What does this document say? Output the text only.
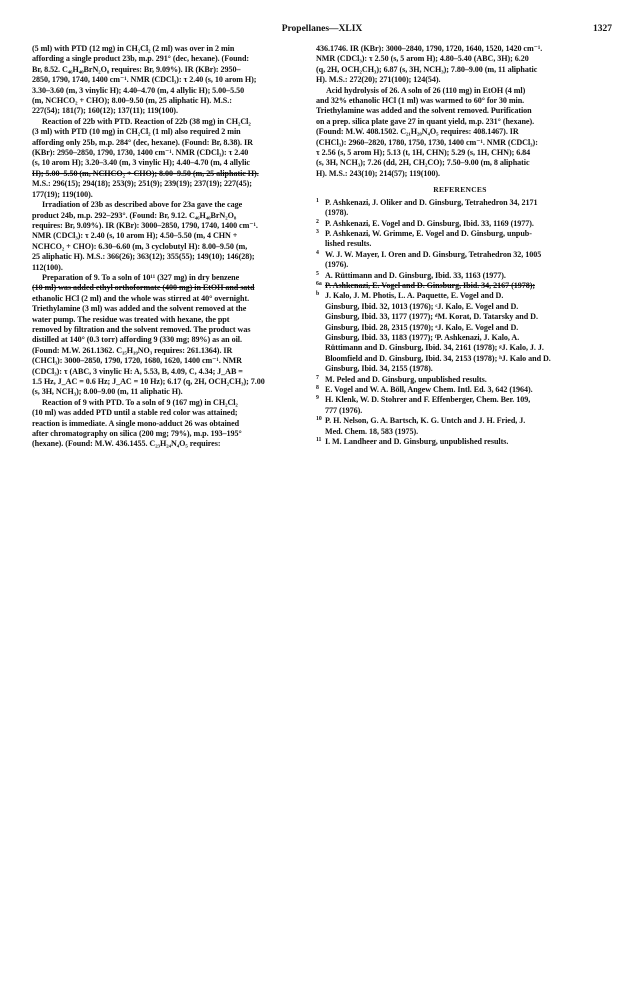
Propellanes—XLIX	1327

(5 ml) with PTD (12 mg) in CH₂Cl₂ (2 ml) was over in 2 min
affording a single product 23b, m.p. 291° (dec, hexane). (Found:
Br, 8.52. C₄₆H₄₀BrN₂O₈ requires: Br, 9.09%). IR (KBr): 2950–
2850, 1790, 1740, 1400 cm⁻¹. NMR (CDCl₃): τ 2.40 (s, 10 arom H);
3.30–3.60 (m, 3 vinylic H); 4.40–4.70 (m, 4 allylic H); 5.00–5.50
(m, NCHCO₂ + CHO); 8.00–9.50 (m, 25 aliphatic H). M.S.:
227(54); 181(7); 160(12); 137(11); 119(100).

Reaction of 22b with PTD. Reaction of 22b (38 mg) in CH₂Cl₂
(3 ml) with PTD (10 mg) in CH₂Cl₂ (1 ml) also required 2 min
affording only 25b, m.p. 284° (dec, hexane). (Found: Br, 8.38). IR
(KBr): 2950–2850, 1790, 1730, 1400 cm⁻¹. NMR (CDCl₃): τ 2.40
(s, 10 arom H); 3.20–3.40 (m, 3 vinylic H); 4.40–4.70 (m, 4 allylic

H); 5.00–5.50 (m, NCHCO₂ + CHO); 8.00–9.50 (m, 25 aliphatic H).

M.S.: 296(15); 294(18); 253(9); 251(9); 239(19); 237(19); 227(45);
177(19); 119(100).

Irradiation of 23b as described above for 23a gave the cage
product 24b, m.p. 292–293°. (Found: Br, 9.12. C₄₆H₄₀BrN₂O₈
requires: Br, 9.09%). IR (KBr): 3000–2850, 1790, 1740, 1400 cm⁻¹.
NMR (CDCl₃): τ 2.40 (s, 10 arom H); 4.50–5.50 (m, 4 CHN +
NCHCO₂ + CHO): 6.30–6.60 (m, 3 cyclobutyl H): 8.00–9.50 (m,
25 aliphatic H). M.S.: 366(26); 363(12); 355(55); 149(10); 146(28);
112(100).

Preparation of 9. To a soln of 10¹¹ (327 mg) in dry benzene

(10 ml) was added ethyl orthoformate (400 mg) in EtOH and satd

ethanolic HCl (2 ml) and the whole was stirred at 40° overnight.
Triethylamine (3 ml) was added and the solvent removed at the
water pump. The residue was treated with hexane, the ppt
removed by filtration and the solvent removed. The product was
distilled at 140° (0.3 torr) affording 9 (330 mg; 89%) as an oil.
(Found: M.W. 261.1362. C₁₅H₁₉NO₃ requires: 261.1364). IR
(CHCl₃): 3000–2850, 1790, 1720, 1680, 1620, 1400 cm⁻¹. NMR
(CDCl₃): τ (ABC, 3 vinylic H: A, 5.53, B, 4.09, C, 4.34; J_AB =
1.5 Hz, J_AC = 0.6 Hz; J_AC = 10 Hz); 6.17 (q, 2H, OCH₂CH₃); 7.00
(s, 3H, NCH₃); 8.00–9.00 (m, 11 aliphatic H).

Reaction of 9 with PTD. To a soln of 9 (167 mg) in CH₂Cl₂
(10 ml) was added PTD until a stable red color was attained;
reaction is immediate. A single mono-adduct 26 was obtained
after chromatography on silica (200 mg; 79%), m.p. 193–195°
(hexane). (Found: M.W. 436.1455. C₂₃H₂₄N₄O₅ requires:

436.1746. IR (KBr): 3000–2840, 1790, 1720, 1640, 1520, 1420 cm⁻¹.
NMR (CDCl₃): τ 2.50 (s, 5 arom H); 4.80–5.40 (ABC, 3H); 6.20
(q, 2H, OCH₂CH₃); 6.87 (s, 3H, NCH₃); 7.80–9.00 (m, 11 aliphatic
H). M.S.: 272(20); 271(100); 124(54).

Acid hydrolysis of 26. A soln of 26 (110 mg) in EtOH (4 ml)
and 32% ethanolic HCl (1 ml) was warmed to 60° for 30 min.
Triethylamine was added and the solvent removed. Purification
on a prep. silica plate gave 27 in quant yield, m.p. 231° (hexane).
(Found: M.W. 408.1502. C₂₁H₂₀N₄O₅ requires: 408.1467). IR
(CHCl₃): 2960–2820, 1780, 1750, 1730, 1400 cm⁻¹. NMR (CDCl₃):
τ 2.56 (s, 5 arom H); 5.13 (t, 1H, CHN); 5.29 (s, 1H, CHN); 6.84
(s, 3H, NCH₃); 7.26 (dd, 2H, CH₂CO); 7.50–9.00 (m, 8 aliphatic
H). M.S.: 243(10); 214(57); 119(100).

REFERENCES
1 P. Ashkenazi, J. Oliker and D. Ginsburg, Tetrahedron 34, 2171
(1978).
2 P. Ashkenazi, E. Vogel and D. Ginsburg, Ibid. 33, 1169 (1977).
3 P. Ashkenazi, W. Grimme, E. Vogel and D. Ginsburg, unpub-
lished results.
4 W. J. W. Mayer, I. Oren and D. Ginsburg, Tetrahedron 32, 1005
(1976).
5 A. Rüttimann and D. Ginsburg, Ibid. 33, 1163 (1977).
6a P. Ashkenazi, E. Vogel and D. Ginsburg, Ibid. 34, 2167 (1978);
b J. Kalo, J. M. Photis, L. A. Paquette, E. Vogel and D.
Ginsburg, Ibid. 32, 1013 (1976); ᶜJ. Kalo, E. Vogel and D.
Ginsburg, Ibid. 33, 1177 (1977); ᵈM. Korat, D. Tatarsky and D.
Ginsburg, Ibid. 28, 2315 (1970); ᵉJ. Kalo, E. Vogel and D.
Ginsburg, Ibid. 33, 1183 (1977); ᶠP. Ashkenazi, J. Kalo, A.
Rüttimann and D. Ginsburg, Ibid. 34, 2161 (1978); ᵍJ. Kalo, J. J.
Bloomfield and D. Ginsburg, Ibid. 34, 2153 (1978); ʰJ. Kalo and D.
Ginsburg, Ibid. 34, 2155 (1978).
7 M. Peled and D. Ginsburg, unpublished results.
8 E. Vogel and W. A. Böll, Angew Chem. Intl. Ed. 3, 642 (1964).
9 H. Klenk, W. D. Stohrer and F. Effenberger, Chem. Ber. 109,
777 (1976).
10 P. H. Nelson, G. A. Bartsch, K. G. Untch and J. H. Fried, J.
Med. Chem. 18, 583 (1975).
11 I. M. Landheer and D. Ginsburg, unpublished results.
